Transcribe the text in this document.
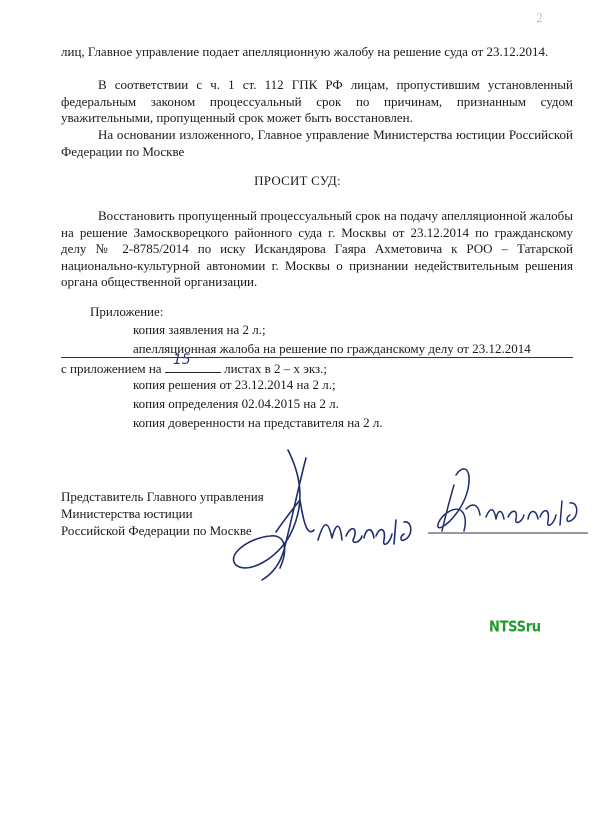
2
лиц, Главное управление подает апелляционную жалобу на решение суда от 23.12.2014.
В соответствии с ч. 1 ст. 112 ГПК РФ лицам, пропустившим установленный федеральным законом процессуальный срок по причинам, признанным судом уважительными, пропущенный срок может быть восстановлен.
На основании изложенного, Главное управление Министерства юстиции Российской Федерации по Москве
ПРОСИТ СУД:
Восстановить пропущенный процессуальный срок на подачу апелляционной жалобы на решение Замоскворецкого районного суда г. Москвы от 23.12.2014 по гражданскому делу № 2-8785/2014 по иску Искандярова Гаяра Ахметовича к РОО – Татарской национально-культурной автономии г. Москвы о признании недействительным решения органа общественной организации.
Приложение:
копия заявления на 2 л.;
апелляционная жалоба на решение по гражданскому делу от 23.12.2014
с приложением на
15
листах в 2 – х экз.;
копия решения от 23.12.2014 на 2 л.;
копия определения 02.04.2015 на 2 л.
копия доверенности на представителя на 2 л.
Представитель Главного управления
Министерства юстиции
Российской Федерации по Москве
NTSSru
